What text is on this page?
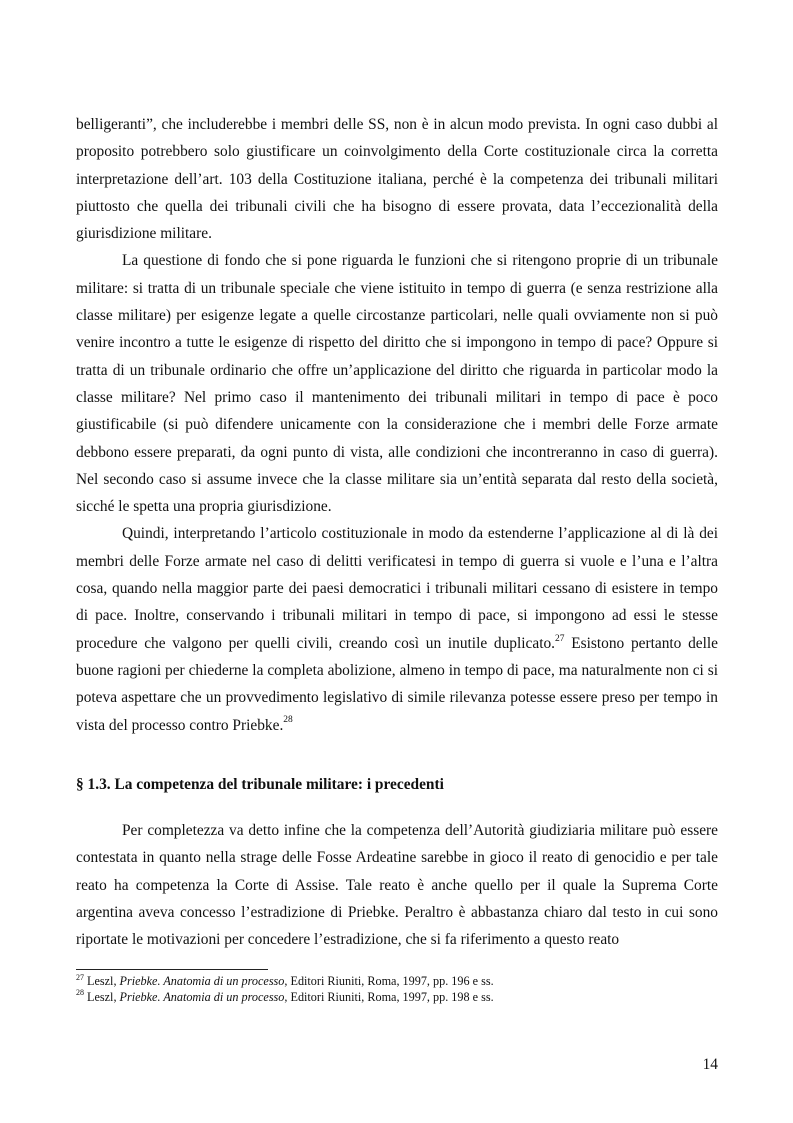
belligeranti”, che includerebbe i membri delle SS, non è in alcun modo prevista. In ogni caso dubbi al proposito potrebbero solo giustificare un coinvolgimento della Corte costituzionale circa la corretta interpretazione dell’art. 103 della Costituzione italiana, perché è la competenza dei tribunali militari piuttosto che quella dei tribunali civili che ha bisogno di essere provata, data l’eccezionalità della giurisdizione militare.

La questione di fondo che si pone riguarda le funzioni che si ritengono proprie di un tribunale militare: si tratta di un tribunale speciale che viene istituito in tempo di guerra (e senza restrizione alla classe militare) per esigenze legate a quelle circostanze particolari, nelle quali ovviamente non si può venire incontro a tutte le esigenze di rispetto del diritto che si impongono in tempo di pace? Oppure si tratta di un tribunale ordinario che offre un’applicazione del diritto che riguarda in particolar modo la classe militare? Nel primo caso il mantenimento dei tribunali militari in tempo di pace è poco giustificabile (si può difendere unicamente con la considerazione che i membri delle Forze armate debbono essere preparati, da ogni punto di vista, alle condizioni che incontreranno in caso di guerra). Nel secondo caso si assume invece che la classe militare sia un’entità separata dal resto della società, sicché le spetta una propria giurisdizione.

Quindi, interpretando l’articolo costituzionale in modo da estenderne l’applicazione al di là dei membri delle Forze armate nel caso di delitti verificatesi in tempo di guerra si vuole e l’una e l’altra cosa, quando nella maggior parte dei paesi democratici i tribunali militari cessano di esistere in tempo di pace. Inoltre, conservando i tribunali militari in tempo di pace, si impongono ad essi le stesse procedure che valgono per quelli civili, creando così un inutile duplicato.$^{27}$ Esistono pertanto delle buone ragioni per chiederne la completa abolizione, almeno in tempo di pace, ma naturalmente non ci si poteva aspettare che un provvedimento legislativo di simile rilevanza potesse essere preso per tempo in vista del processo contro Priebke.$^{28}$

§ 1.3. La competenza del tribunale militare: i precedenti

Per completezza va detto infine che la competenza dell’Autorità giudiziaria militare può essere contestata in quanto nella strage delle Fosse Ardeatine sarebbe in gioco il reato di genocidio e per tale reato ha competenza la Corte di Assise. Tale reato è anche quello per il quale la Suprema Corte argentina aveva concesso l’estradizione di Priebke. Peraltro è abbastanza chiaro dal testo in cui sono riportate le motivazioni per concedere l’estradizione, che si fa riferimento a questo reato

$^{27}$ Leszl, Priebke. Anatomia di un processo, Editori Riuniti, Roma, 1997, pp. 196 e ss.

$^{28}$ Leszl, Priebke. Anatomia di un processo, Editori Riuniti, Roma, 1997, pp. 198 e ss.

14
